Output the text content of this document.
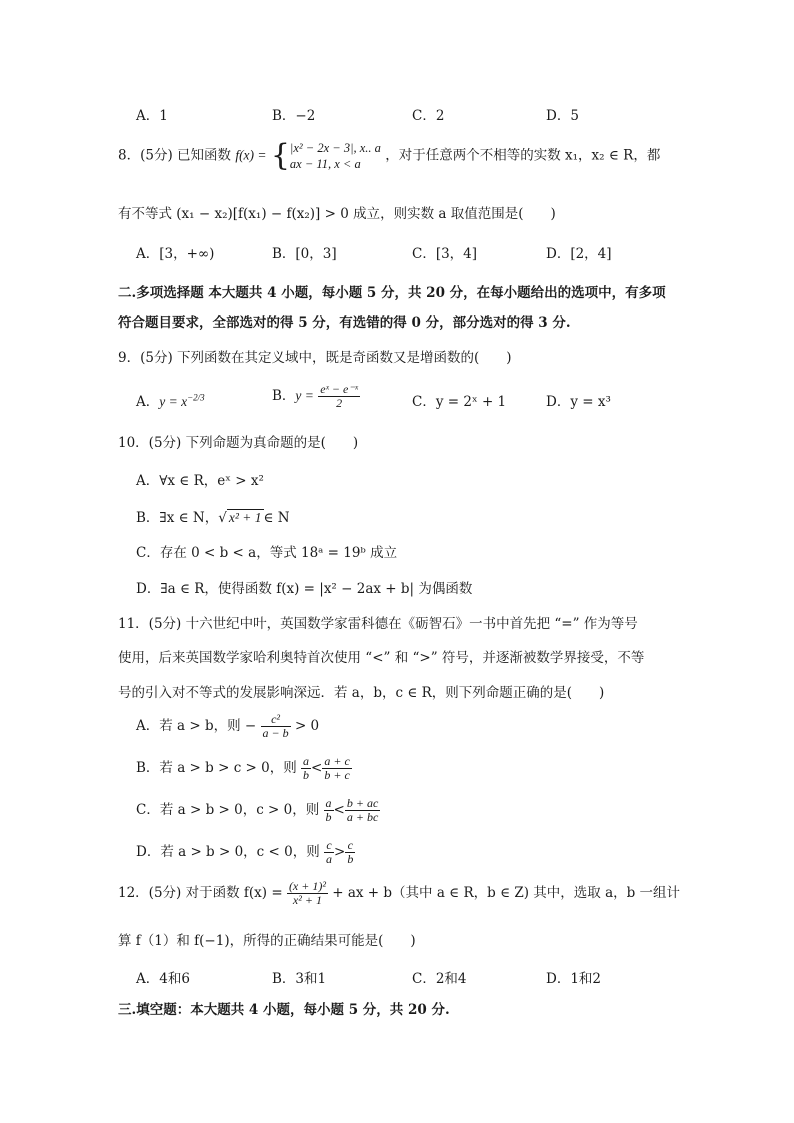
A．1	B．−2	C．2	D．5
8．(5分) 已知函数 f(x) = { |x² − 2x − 3|, x.. a
ax − 11, x < a
，对于任意两个不相等的实数 x₁，x₂ ∈ R，都
有不等式 (x₁ − x₂)[f(x₁) − f(x₂)] > 0 成立，则实数 a 取值范围是(　　)
A．[3，+∞)	B．[0，3]	C．[3，4]	D．[2，4]
二.多项选择题 本大题共 4 小题，每小题 5 分，共 20 分，在每小题给出的选项中，有多项
符合题目要求，全部选对的得 5 分，有选错的得 0 分，部分选对的得 3 分.
9．(5分) 下列函数在其定义域中，既是奇函数又是增函数的(　　)
A．$y = x^{-2/3}$	B．$y = \frac{\text{eˣ − e⁻ˣ}}{2}$	C．y = 2ˣ + 1	D．y = x³
10．(5分) 下列命题为真命题的是(　　)
A．∀x ∈ R，eˣ > x²
B．∃x ∈ N，√ x² + 1 ∈ N
C．存在 0 < b < a，等式 18ᵃ = 19ᵇ 成立
D．∃a ∈ R，使得函数 f(x) = |x² − 2ax + b| 为偶函数
11．(5分) 十六世纪中叶，英国数学家雷科德在《砺智石》一书中首先把 “=” 作为等号
使用，后来英国数学家哈利奥特首次使用 “<” 和 “>” 符号，并逐渐被数学界接受，不等
号的引入对不等式的发展影响深远．若 a，b，c ∈ R，则下列命题正确的是(　　)
A．若 a > b，则 − $\frac{\text{c²}}{a - b} > 0$
B．若 a > b > c > 0，则 $\frac{a}{b} < \frac{a + c}{b + c}$
C．若 a > b > 0，c > 0，则 $\frac{a}{b} < \frac{b + ac}{a + bc}$
D．若 a > b > 0，c < 0，则 $\frac{c}{a} > \frac{c}{b}$
12．(5分) 对于函数 $f(x) = \frac{\text{(x + 1)²}}{\text{x² + 1}}$ + ax + b（其中 a ∈ R，b ∈ Z) 其中，选取 a，b 一组计
算 f（1）和 f(−1)，所得的正确结果可能是(　　)
A．4和6	B．3和1	C．2和4	D．1和2
三.填空题：本大题共 4 小题，每小题 5 分，共 20 分.
